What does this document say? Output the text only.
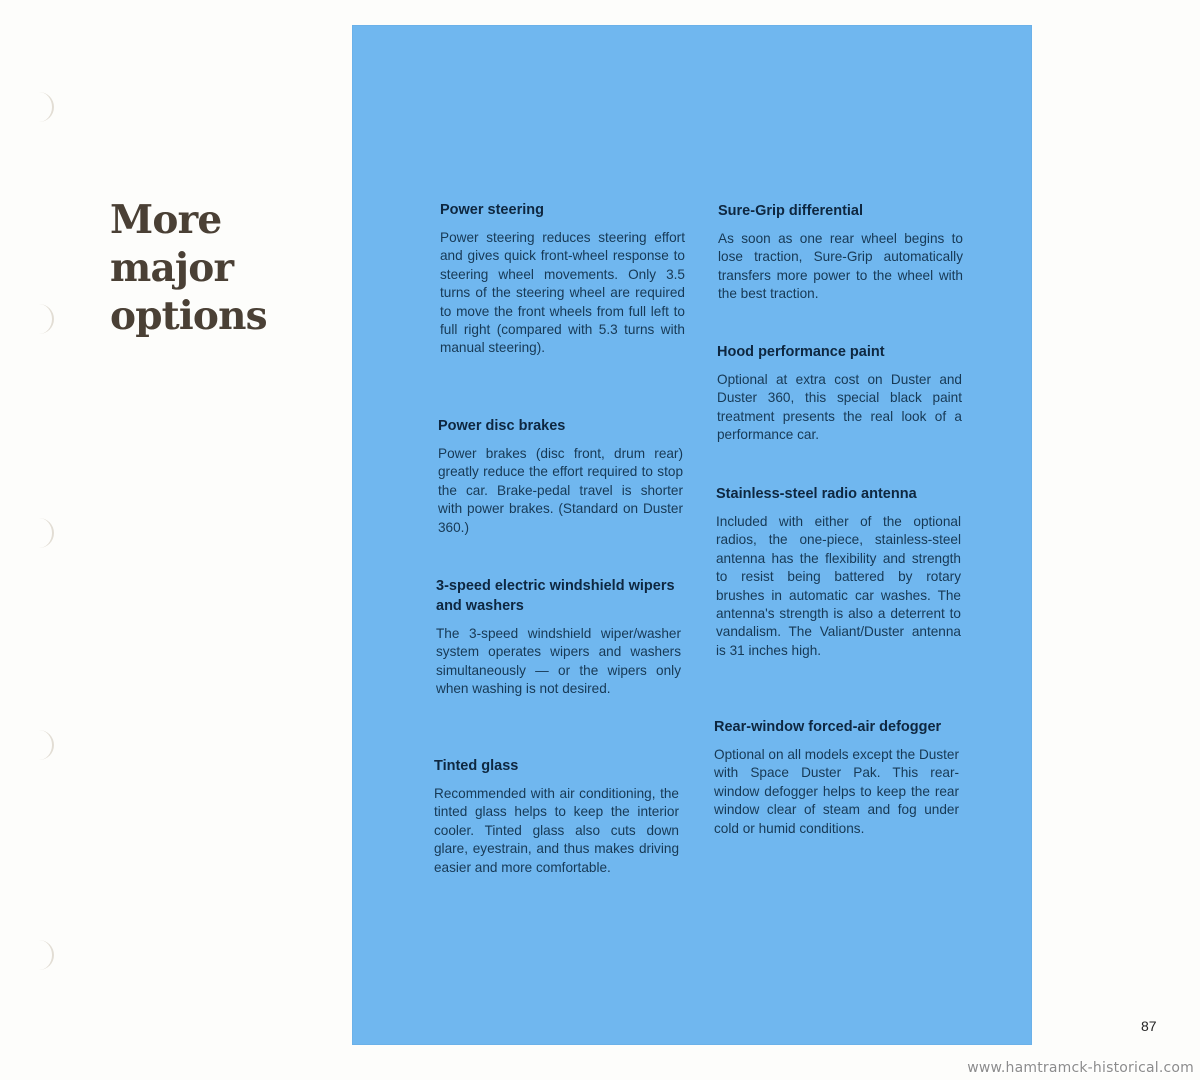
More
major
options
Power steering

Power steering reduces steering effort and gives quick front-wheel response to steering wheel movements. Only 3.5 turns of the steering wheel are required to move the front wheels from full left to full right (compared with 5.3 turns with manual steering).

Power disc brakes

Power brakes (disc front, drum rear) greatly reduce the effort required to stop the car. Brake-pedal travel is shorter with power brakes. (Standard on Duster 360.)

3-speed electric windshield wipers and washers

The 3-speed windshield wiper/washer system operates wipers and washers simultaneously — or the wipers only when washing is not desired.

Tinted glass

Recommended with air conditioning, the tinted glass helps to keep the interior cooler. Tinted glass also cuts down glare, eyestrain, and thus makes driving easier and more comfortable.

Sure-Grip differential

As soon as one rear wheel begins to lose traction, Sure-Grip automatically transfers more power to the wheel with the best traction.

Hood performance paint

Optional at extra cost on Duster and Duster 360, this special black paint treatment presents the real look of a performance car.

Stainless-steel radio antenna

Included with either of the optional radios, the one-piece, stainless-steel antenna has the flexibility and strength to resist being battered by rotary brushes in automatic car washes. The antenna's strength is also a deterrent to vandalism. The Valiant/Duster antenna is 31 inches high.

Rear-window forced-air defogger

Optional on all models except the Duster with Space Duster Pak. This rear-window defogger helps to keep the rear window clear of steam and fog under cold or humid conditions.

87
www.hamtramck-historical.com
